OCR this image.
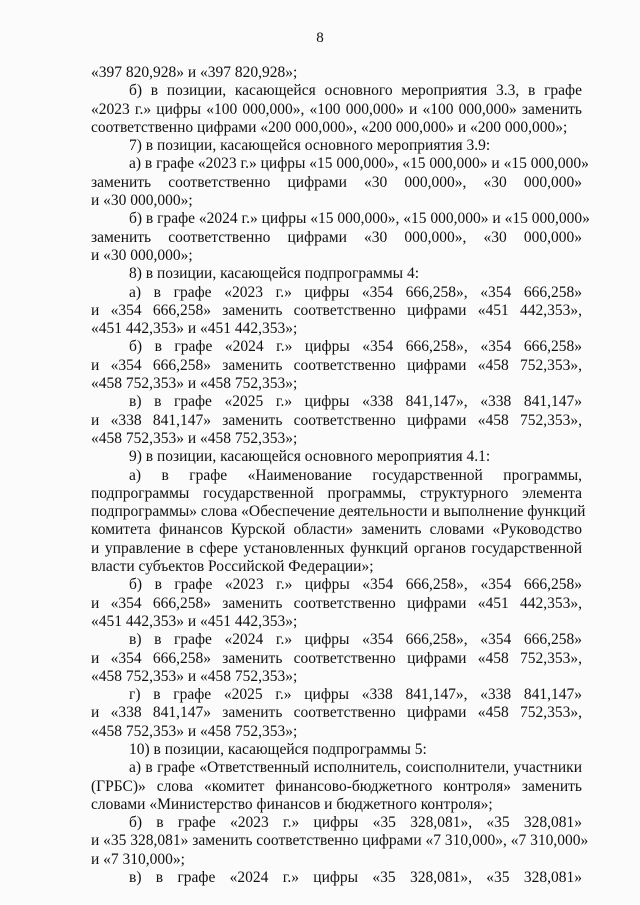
8
«397 820,928» и «397 820,928»;
б) в позиции, касающейся основного мероприятия 3.3, в графе
«2023 г.» цифры «100 000,000», «100 000,000» и «100 000,000» заменить
соответственно цифрами «200 000,000», «200 000,000» и «200 000,000»;
7) в позиции, касающейся основного мероприятия 3.9:
а) в графе «2023 г.» цифры «15 000,000», «15 000,000» и «15 000,000»
заменить соответственно цифрами «30 000,000», «30 000,000»
и «30 000,000»;
б) в графе «2024 г.» цифры «15 000,000», «15 000,000» и «15 000,000»
заменить соответственно цифрами «30 000,000», «30 000,000»
и «30 000,000»;
8) в позиции, касающейся подпрограммы 4:
а) в графе «2023 г.» цифры «354 666,258», «354 666,258»
и «354 666,258» заменить соответственно цифрами «451 442,353»,
«451 442,353» и «451 442,353»;
б) в графе «2024 г.» цифры «354 666,258», «354 666,258»
и «354 666,258» заменить соответственно цифрами «458 752,353»,
«458 752,353» и «458 752,353»;
в) в графе «2025 г.» цифры «338 841,147», «338 841,147»
и «338 841,147» заменить соответственно цифрами «458 752,353»,
«458 752,353» и «458 752,353»;
9) в позиции, касающейся основного мероприятия 4.1:
а) в графе «Наименование государственной программы,
подпрограммы государственной программы, структурного элемента
подпрограммы» слова «Обеспечение деятельности и выполнение функций
комитета финансов Курской области» заменить словами «Руководство
и управление в сфере установленных функций органов государственной
власти субъектов Российской Федерации»;
б) в графе «2023 г.» цифры «354 666,258», «354 666,258»
и «354 666,258» заменить соответственно цифрами «451 442,353»,
«451 442,353» и «451 442,353»;
в) в графе «2024 г.» цифры «354 666,258», «354 666,258»
и «354 666,258» заменить соответственно цифрами «458 752,353»,
«458 752,353» и «458 752,353»;
г) в графе «2025 г.» цифры «338 841,147», «338 841,147»
и «338 841,147» заменить соответственно цифрами «458 752,353»,
«458 752,353» и «458 752,353»;
10) в позиции, касающейся подпрограммы 5:
а) в графе «Ответственный исполнитель, соисполнители, участники
(ГРБС)» слова «комитет финансово-бюджетного контроля» заменить
словами «Министерство финансов и бюджетного контроля»;
б) в графе «2023 г.» цифры «35 328,081», «35 328,081»
и «35 328,081» заменить соответственно цифрами «7 310,000», «7 310,000»
и «7 310,000»;
в) в графе «2024 г.» цифры «35 328,081», «35 328,081»
